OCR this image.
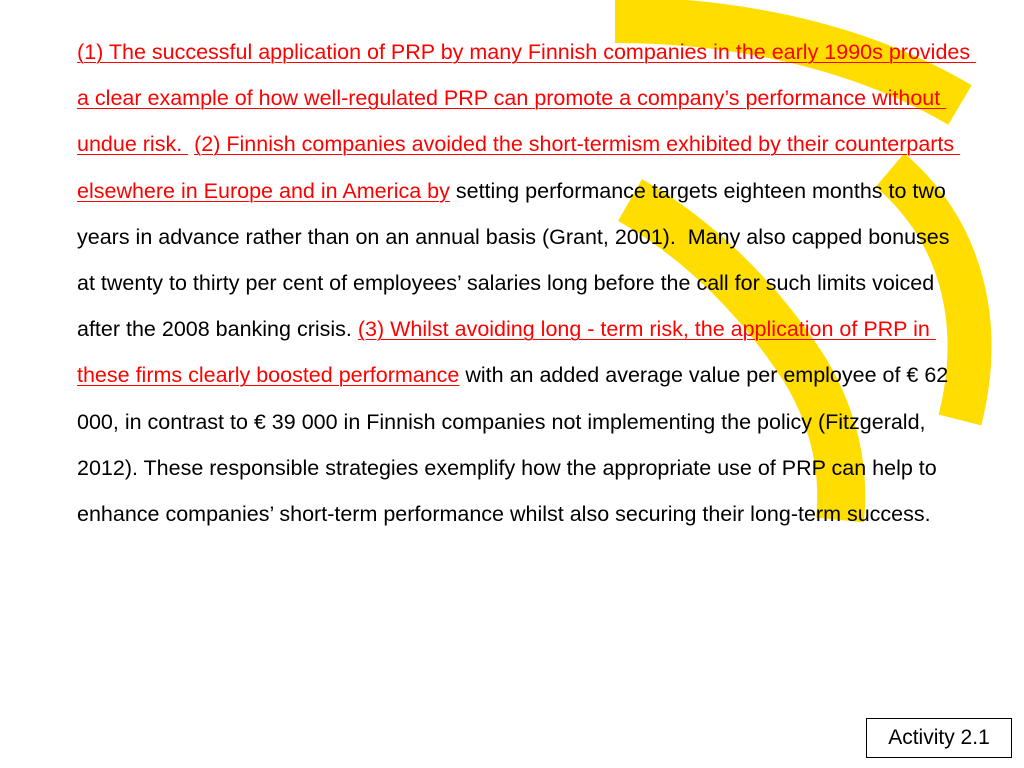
(1) The successful application of PRP by many Finnish companies in the early 1990s provides a clear example of how well-regulated PRP can promote a company’s performance without undue risk.  (2) Finnish companies avoided the short-termism exhibited by their counterparts elsewhere in Europe and in America by setting performance targets eighteen months to two years in advance rather than on an annual basis (Grant, 2001).  Many also capped bonuses at twenty to thirty per cent of employees’ salaries long before the call for such limits voiced after the 2008 banking crisis. (3) Whilst avoiding long - term risk, the application of PRP in these firms clearly boosted performance with an added average value per employee of € 62 000, in contrast to € 39 000 in Finnish companies not implementing the policy (Fitzgerald, 2012). These responsible strategies exemplify how the appropriate use of PRP can help to enhance companies’ short-term performance whilst also securing their long-term success.
Activity 2.1
